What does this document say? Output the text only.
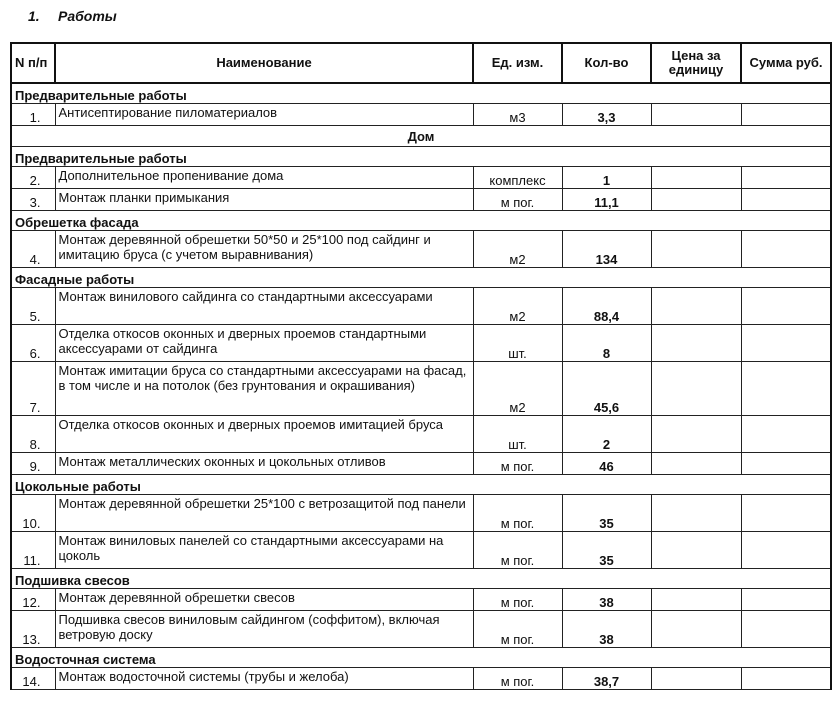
1. Работы
N п/п	Наименование	Ед. изм.	Кол-во	Цена за единицу	Сумма руб.
Предварительные работы					
1.	Антисептирование пиломатериалов	м3	3,3		
Дом					
Предварительные работы					
2.	Дополнительное пропенивание дома	комплекс	1		
3.	Монтаж планки примыкания	м пог.	11,1		
Обрешетка фасада					
4.	Монтаж деревянной обрешетки 50*50 и 25*100 под сайдинг и имитацию бруса (с учетом выравнивания)	м2	134		
Фасадные работы					
5.	Монтаж винилового сайдинга со стандартными аксессуарами	м2	88,4		
6.	Отделка откосов оконных и дверных проемов стандартными аксессуарами от сайдинга	шт.	8		
7.	Монтаж имитации бруса со стандартными аксессуарами на фасад, в том числе и на потолок (без грунтования и окрашивания)	м2	45,6		
8.	Отделка откосов оконных и дверных проемов имитацией бруса	шт.	2		
9.	Монтаж металлических оконных и цокольных отливов	м пог.	46		
Цокольные работы					
10.	Монтаж деревянной обрешетки 25*100 с ветрозащитой под панели	м пог.	35		
11.	Монтаж виниловых панелей со стандартными аксессуарами на цоколь	м пог.	35		
Подшивка свесов					
12.	Монтаж деревянной обрешетки свесов	м пог.	38		
13.	Подшивка свесов виниловым сайдингом (соффитом), включая ветровую доску	м пог.	38		
Водосточная система					
14.	Монтаж водосточной системы (трубы и желоба)	м пог.	38,7		
